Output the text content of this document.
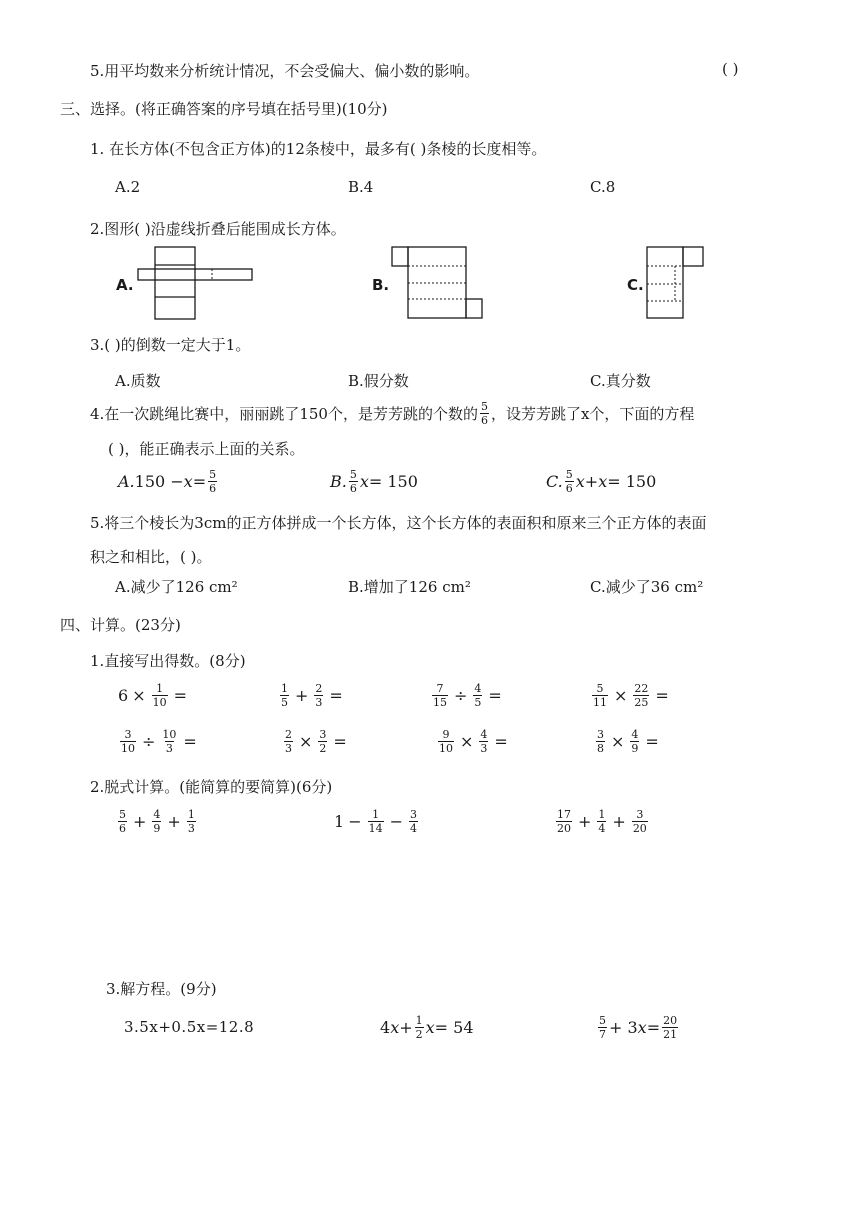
5.用平均数来分析统计情况，不会受偏大、偏小数的影响。	( )
三、选择。(将正确答案的序号填在括号里)(10分)
1. 在长方体(不包含正方体)的12条棱中，最多有( )条棱的长度相等。
A.2	B.4	C.8
2.图形( )沿虚线折叠后能围成长方体。
A.	B.	C.
3.( )的倒数一定大于1。
A.质数	B.假分数	C.真分数
4.在一次跳绳比赛中，丽丽跳了150个，是芳芳跳的个数的 $\frac{5}{6}$ ，设芳芳跳了x个，下面的方程
( )，能正确表示上面的关系。
A. $150 - x = \frac{5}{6}$	B. $\frac{5}{6}$ x = 150	C. $\frac{5}{6}$ x + x = 150
5.将三个棱长为3cm的正方体拼成一个长方体，这个长方体的表面积和原来三个正方体的表面
积之和相比，( )。
A.减少了126 cm²	B.增加了126 cm²	C.减少了36 cm²
四、计算。(23分)
1.直接写出得数。(8分)
$6 \times \frac{1}{10}$ =	$\frac{1}{5} + \frac{2}{3}$ =	$\frac{7}{15} \div \frac{4}{5}$ =	$\frac{5}{11} \times \frac{22}{25}$ =
$\frac{3}{10} \div \frac{10}{3}$ =	$\frac{2}{3} \times \frac{3}{2}$ =	$\frac{9}{10} \times \frac{4}{3}$ =	$\frac{3}{8} \times \frac{4}{9}$ =
2.脱式计算。(能简算的要简算)(6分)
$\frac{5}{6} + \frac{4}{9} + \frac{1}{3}$	$1 - \frac{1}{14} - \frac{3}{4}$	$\frac{17}{20} + \frac{1}{4} + \frac{3}{20}$
3.解方程。(9分)
3.5x+0.5x=12.8	4 $x + \frac{1}{2}$ x = 54	$\frac{5}{7} + 3$ $x = \frac{20}{21}$
